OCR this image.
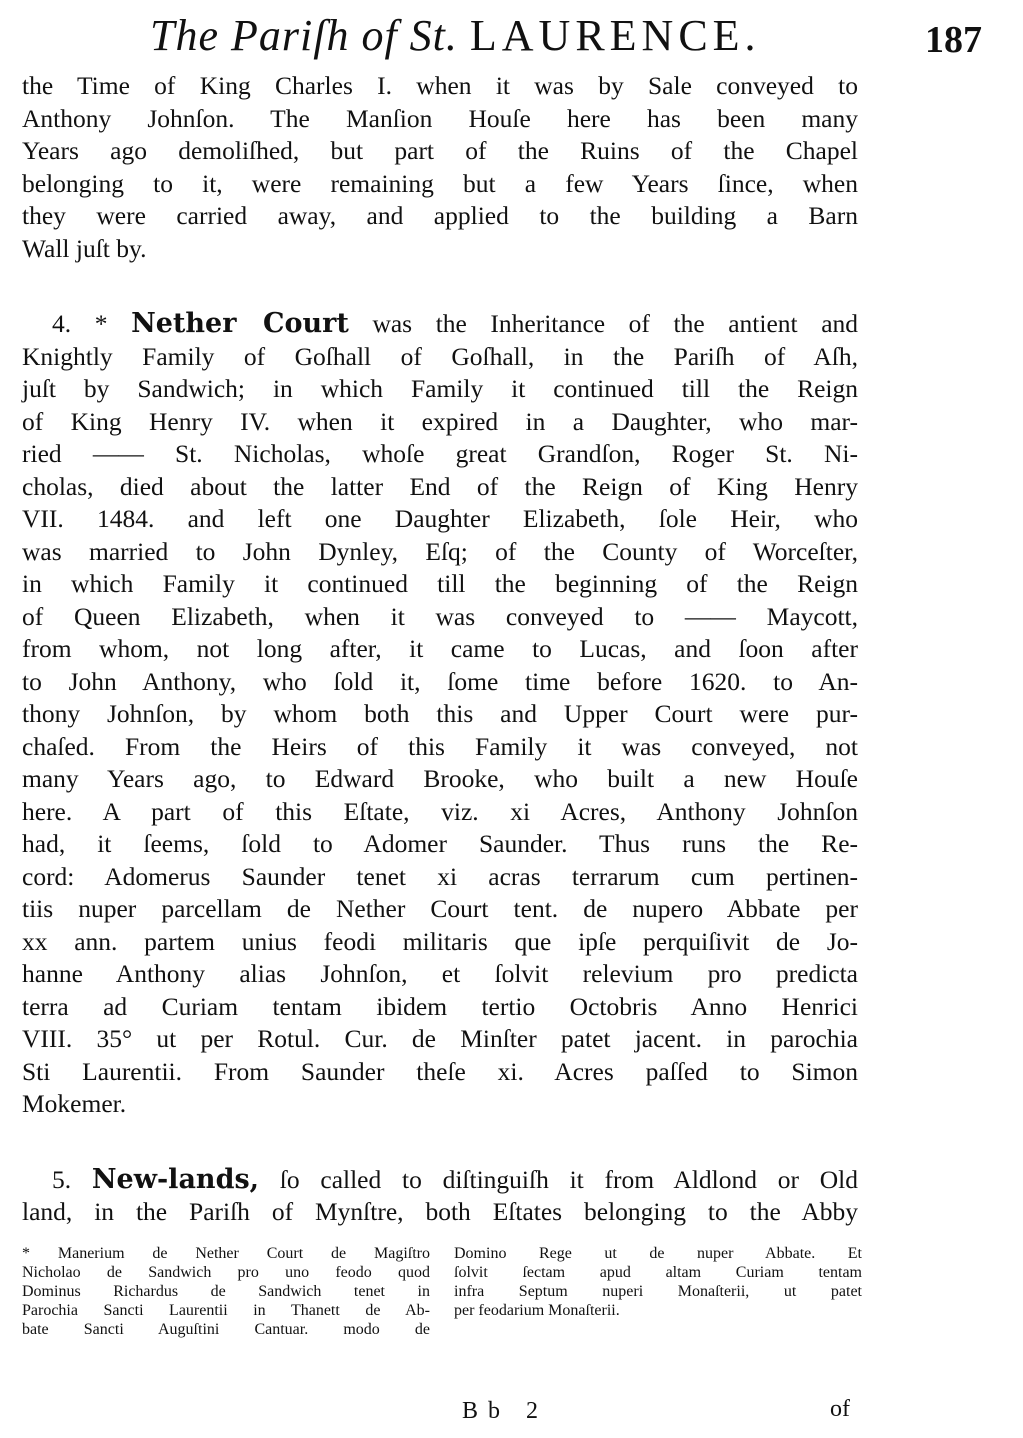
The Pariſh of St. LAURENCE.	187
the Time of King Charles I. when it was by Sale conveyed to
Anthony Johnſon. The Manſion Houſe here has been many
Years ago demoliſhed, but part of the Ruins of the Chapel
belonging to it, were remaining but a few Years ſince, when
they were carried away, and applied to the building a Barn
Wall juſt by.
4. * Nether Court was the Inheritance of the antient and
Knightly Family of Goſhall of Goſhall, in the Pariſh of Aſh,
juſt by Sandwich; in which Family it continued till the Reign
of King Henry IV. when it expired in a Daughter, who mar-
ried —— St. Nicholas, whoſe great Grandſon, Roger St. Ni-
cholas, died about the latter End of the Reign of King Henry
VII. 1484. and left one Daughter Elizabeth, ſole Heir, who
was married to John Dynley, Eſq; of the County of Worceſter,
in which Family it continued till the beginning of the Reign
of Queen Elizabeth, when it was conveyed to —— Maycott,
from whom, not long after, it came to Lucas, and ſoon after
to John Anthony, who ſold it, ſome time before 1620. to An-
thony Johnſon, by whom both this and Upper Court were pur-
chaſed. From the Heirs of this Family it was conveyed, not
many Years ago, to Edward Brooke, who built a new Houſe
here. A part of this Eſtate, viz. xi Acres, Anthony Johnſon
had, it ſeems, ſold to Adomer Saunder. Thus runs the Re-
cord: Adomerus Saunder tenet xi acras terrarum cum pertinen-
tiis nuper parcellam de Nether Court tent. de nupero Abbate per
xx ann. partem unius feodi militaris que ipſe perquiſivit de Jo-
hanne Anthony alias Johnſon, et ſolvit relevium pro predicta
terra ad Curiam tentam ibidem tertio Octobris Anno Henrici
VIII. 35° ut per Rotul. Cur. de Minſter patet jacent. in parochia
Sti Laurentii. From Saunder theſe xi. Acres paſſed to Simon
Mokemer.
5. New-lands, ſo called to diſtinguiſh it from Aldlond or Old
land, in the Pariſh of Mynſtre, both Eſtates belonging to the Abby
* Manerium de Nether Court de Magiſtro
Nicholao de Sandwich pro uno feodo quod
Dominus Richardus de Sandwich tenet in
Parochia Sancti Laurentii in Thanett de Ab-
bate Sancti Auguſtini Cantuar. modo de
Domino Rege ut de nuper Abbate. Et
ſolvit ſectam apud altam Curiam tentam
infra Septum nuperi Monaſterii, ut patet
per feodarium Monaſterii.
Bb 2	of
